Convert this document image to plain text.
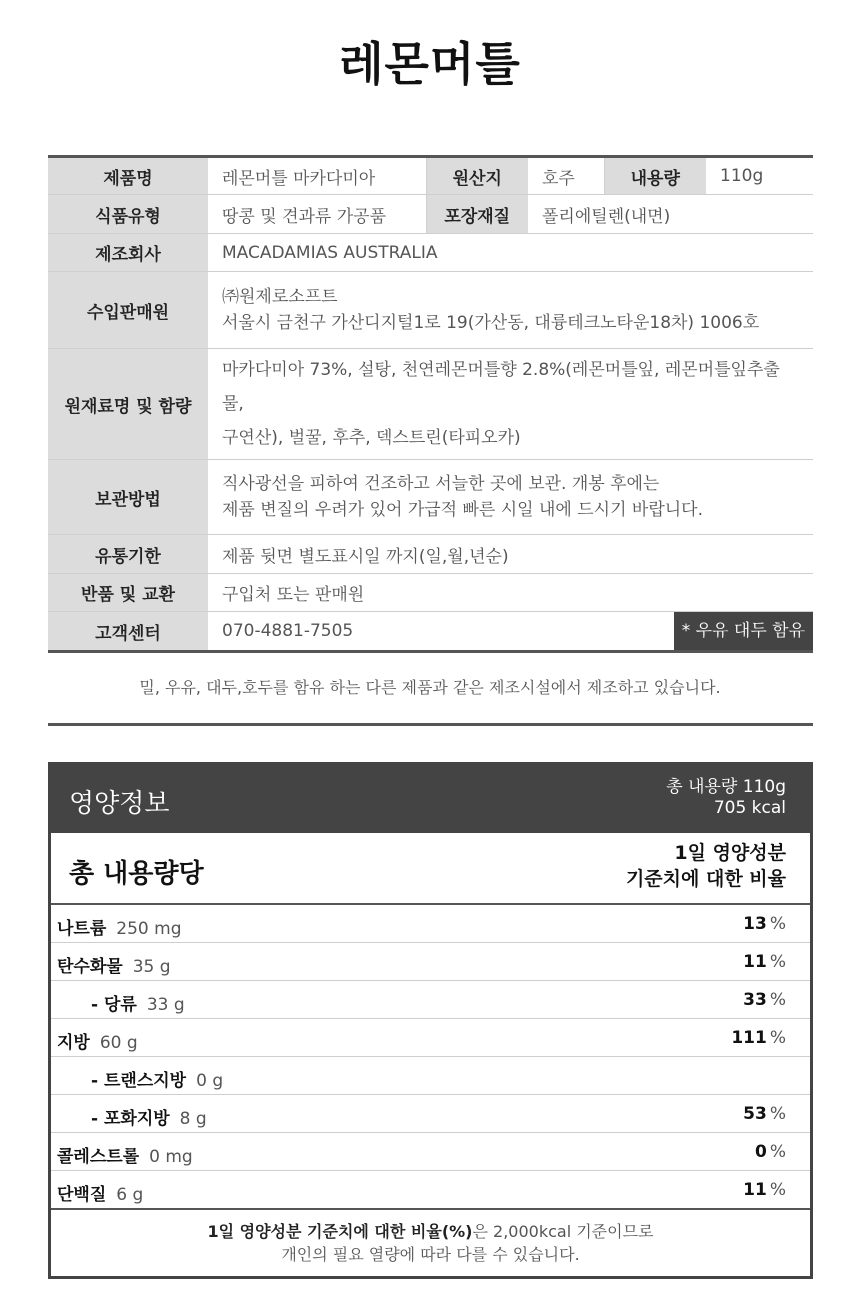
레몬머틀
제품명	레몬머틀 마카다미아	원산지	호주	내용량	110g
식품유형	땅콩 및 견과류 가공품	포장재질	폴리에틸렌(내면)		
제조회사	MACADAMIAS AUSTRALIA				
수입판매원	㈜원제로소프트
서울시 금천구 가산디지털1로 19(가산동, 대륭테크노타운18차) 1006호				

원재료명 및 함량	마카다미아 73%, 설탕, 천연레몬머틀향 2.8%(레몬머틀잎, 레몬머틀잎추출물,
구연산), 벌꿀, 후추, 덱스트린(타피오카)				

보관방법	직사광선을 피하여 건조하고 서늘한 곳에 보관. 개봉 후에는
제품 변질의 우려가 있어 가급적 빠른 시일 내에 드시기 바랍니다.				

유통기한	제품 뒷면 별도표시일 까지(일,월,년순)				
반품 및 교환	구입처 또는 판매원				
고객센터	070-4881-7505			* 우유 대두 함유	
밀, 우유, 대두,호두를 함유 하는 다른 제품과 같은 제조시설에서 제조하고 있습니다.
영양정보
총 내용량 110g
705 kcal
총 내용량당
1일 영양성분
기준치에 대한 비율
나트륨 250 mg	13 %
탄수화물 35 g	11 %
- 당류 33 g	33 %
지방 60 g	111 %
- 트랜스지방 0 g
- 포화지방 8 g	53 %
콜레스트롤 0 mg	0 %
단백질 6 g	11 %
1일 영양성분 기준치에 대한 비율(%)은 2,000kcal 기준이므로
개인의 필요 열량에 따라 다를 수 있습니다.
